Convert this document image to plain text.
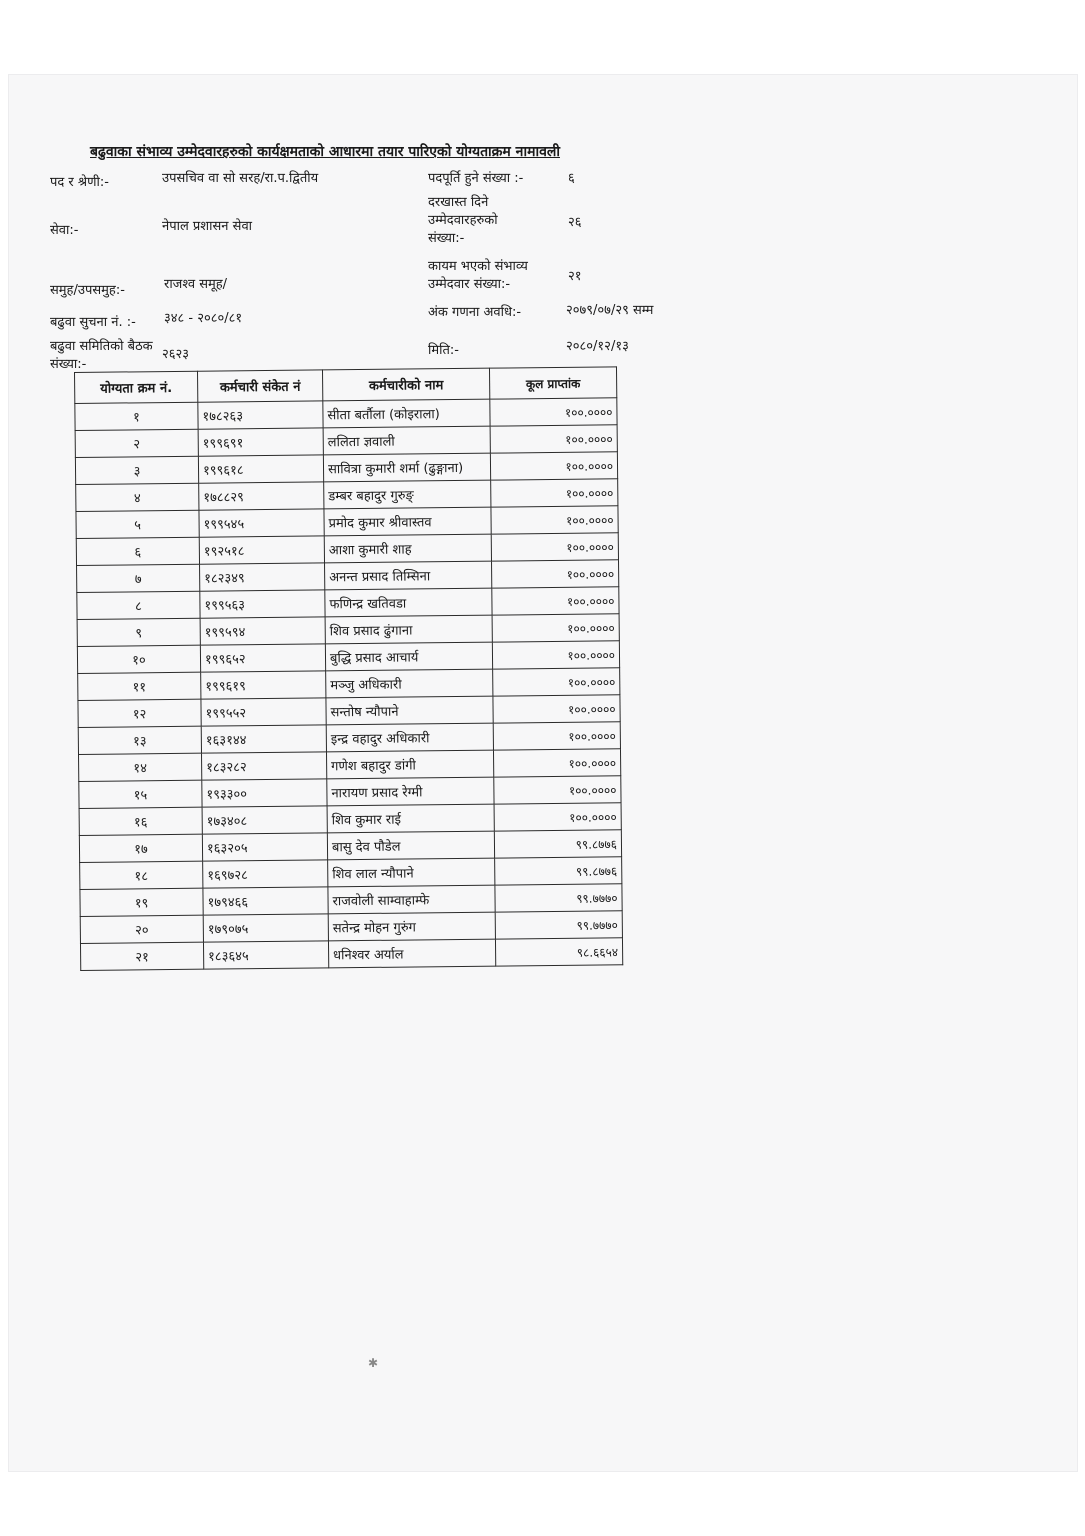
बढुवाका संभाव्य उम्मेदवारहरुको कार्यक्षमताको आधारमा तयार पारिएको योग्यताक्रम नामावली
पद र श्रेणी:-	उपसचिव वा सो सरह/रा.प.द्वितीय	पदपूर्ति हुने संख्या :-	६
सेवा:-	नेपाल प्रशासन सेवा
दरखास्त दिने उम्मेदवारहरुको संख्या:-
२६
समुह/उपसमुह:-	राजश्व समूह/
कायम भएको संभाव्य उम्मेदवार संख्या:-
२१
बढुवा सुचना नं. :- ३४८ - २०८०/८१	अंक गणना अवधि:-	२०७९/०७/२९ सम्म
बढुवा समितिको बैठक संख्या:-
२६२३	मिति:-	२०८०/१२/१३
योग्यता क्रम नं.	कर्मचारी संकेत नं	कर्मचारीको नाम	कूल प्राप्तांक
१	१७८२६३	सीता बर्तौला (कोइराला)	१००.००००
२	१९९६९१	ललिता ज्ञवाली	१००.००००
३	१९९६१८	सावित्रा कुमारी शर्मा (ढुङ्गाना)	१००.००००
४	१७८८२९	डम्बर बहादुर गुरुङ्	१००.००००
५	१९९५४५	प्रमोद कुमार श्रीवास्तव	१००.००००
६	१९२५१८	आशा कुमारी शाह	१००.००००
७	१८२३४९	अनन्त प्रसाद तिम्सिना	१००.००००
८	१९९५६३	फणिन्द्र खतिवडा	१००.००००
९	१९९५९४	शिव प्रसाद ढुंगाना	१००.००००
१०	१९९६५२	बुद्धि प्रसाद आचार्य	१००.००००
११	१९९६१९	मञ्जु अधिकारी	१००.००००
१२	१९९५५२	सन्तोष न्यौपाने	१००.००००
१३	१६३१४४	इन्द्र वहादुर अधिकारी	१००.००००
१४	१८३२८२	गणेश बहादुर डांगी	१००.००००
१५	१९३३००	नारायण प्रसाद रेग्मी	१००.००००
१६	१७३४०८	शिव कुमार राई	१००.००००
१७	१६३२०५	बासु देव पौडेल	९९.८७७६
१८	१६९७२८	शिव लाल न्यौपाने	९९.८७७६
१९	१७९४६६	राजवोली साम्वाहाम्फे	९९.७७७०
२०	१७९०७५	सतेन्द्र मोहन गुरुंग	९९.७७७०
२१	१८३६४५	धनिश्वर अर्याल	९८.६६५४
✱
